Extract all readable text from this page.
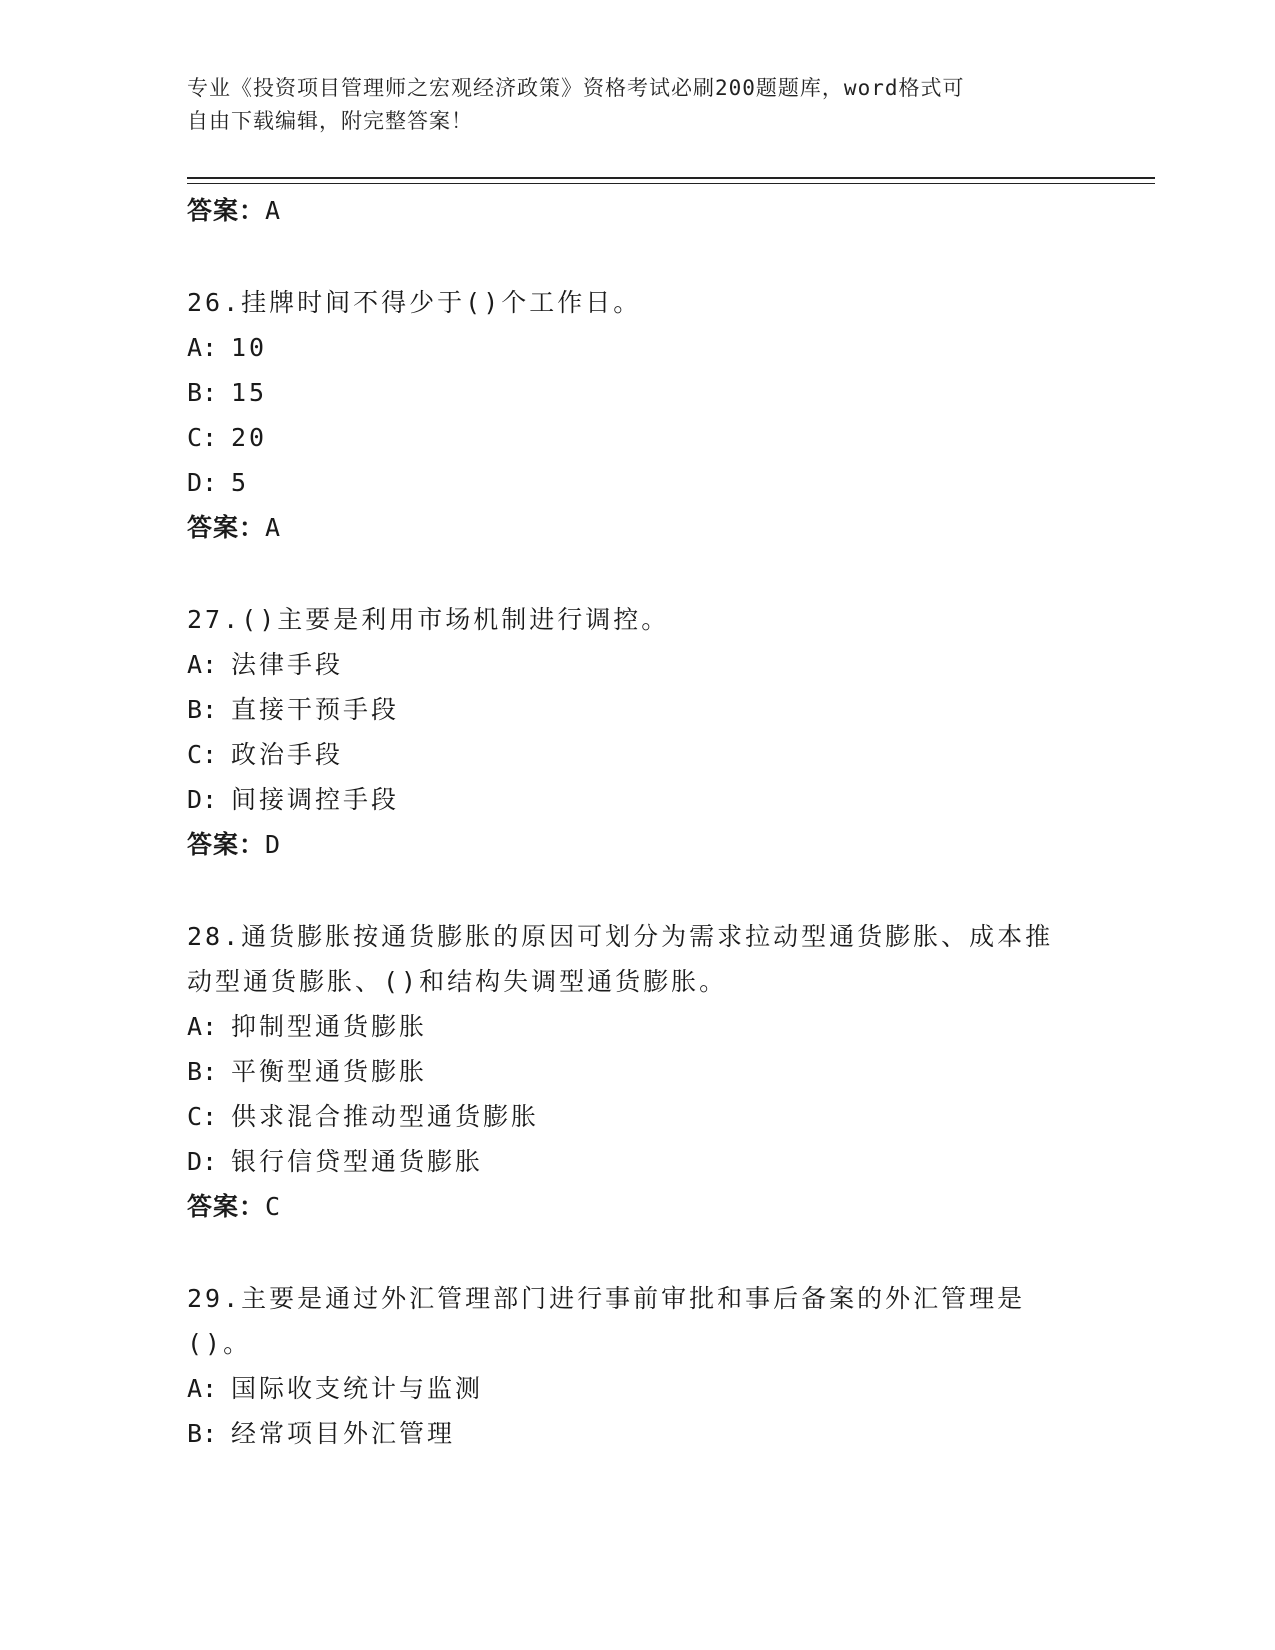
专业《投资项目管理师之宏观经济政策》资格考试必刷200题题库，word格式可
自由下载编辑，附完整答案！
答案：A
26.挂牌时间不得少于()个工作日。
A: 10
B: 15
C: 20
D: 5
答案：A
27.()主要是利用市场机制进行调控。
A: 法律手段
B: 直接干预手段
C: 政治手段
D: 间接调控手段
答案：D
28.通货膨胀按通货膨胀的原因可划分为需求拉动型通货膨胀、成本推动型通货膨胀、()和结构失调型通货膨胀。
A: 抑制型通货膨胀
B: 平衡型通货膨胀
C: 供求混合推动型通货膨胀
D: 银行信贷型通货膨胀
答案：C
29.主要是通过外汇管理部门进行事前审批和事后备案的外汇管理是()。
A: 国际收支统计与监测
B: 经常项目外汇管理
